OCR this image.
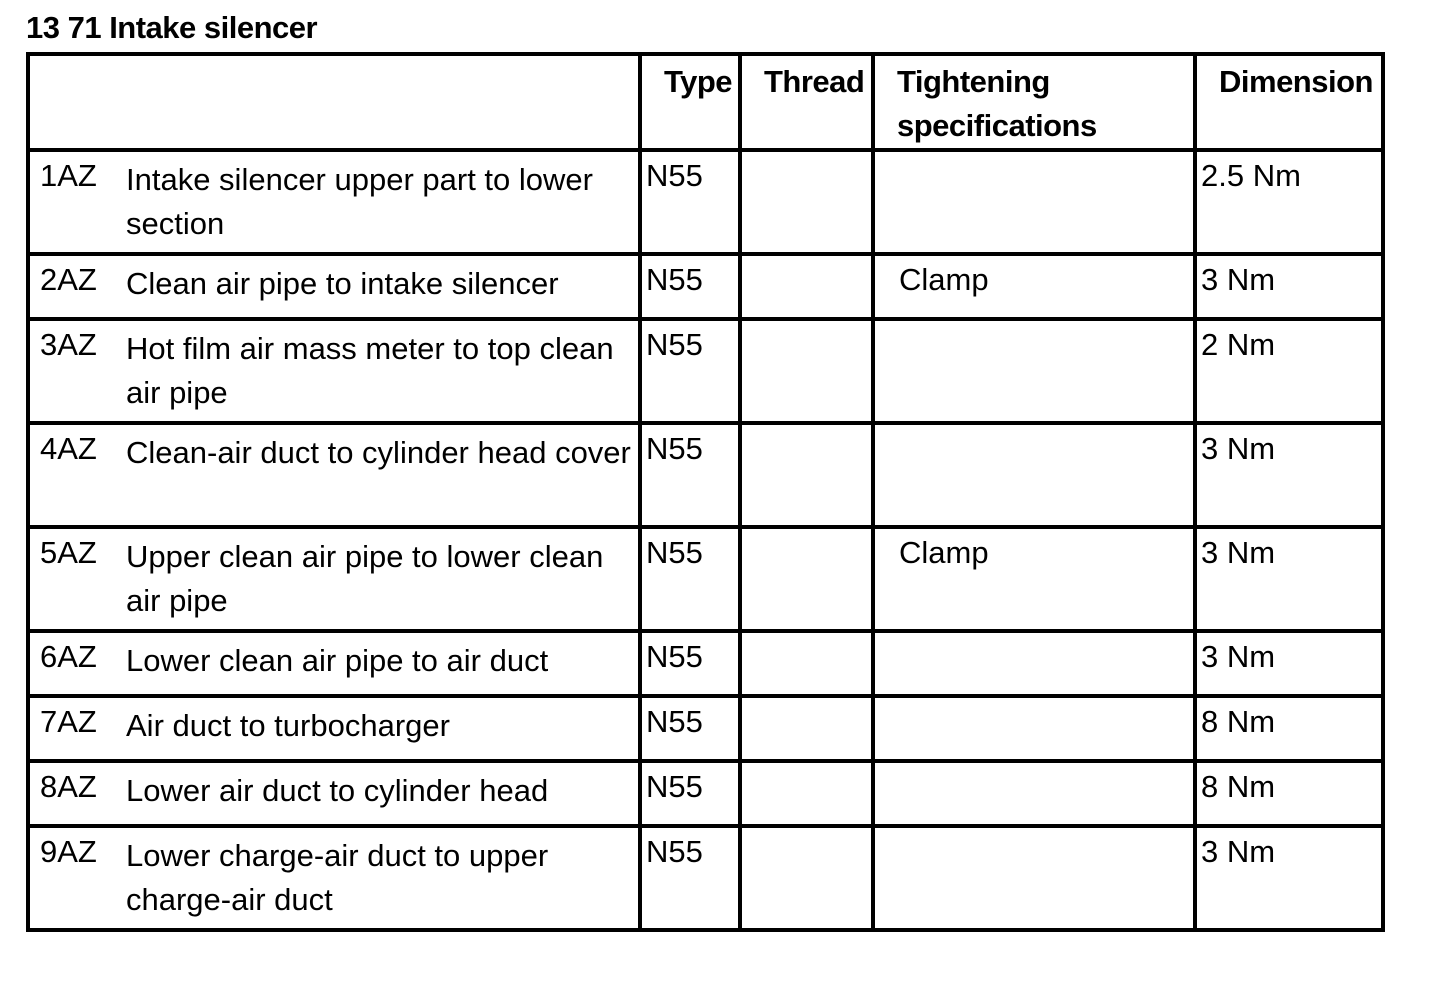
13 71 Intake silencer

	Type	Thread	Tightening specifications	Dimension

1AZ Intake silencer upper part to lower section	N55			2.5 Nm

2AZ Clean air pipe to intake silencer	N55		Clamp	3 Nm

3AZ Hot film air mass meter to top clean air pipe	N55			2 Nm

4AZ Clean-air duct to cylinder head cover	N55			3 Nm

5AZ Upper clean air pipe to lower clean air pipe	N55		Clamp	3 Nm

6AZ Lower clean air pipe to air duct	N55			3 Nm

7AZ Air duct to turbocharger	N55			8 Nm

8AZ Lower air duct to cylinder head	N55			8 Nm

9AZ Lower charge-air duct to upper charge-air duct	N55			3 Nm
